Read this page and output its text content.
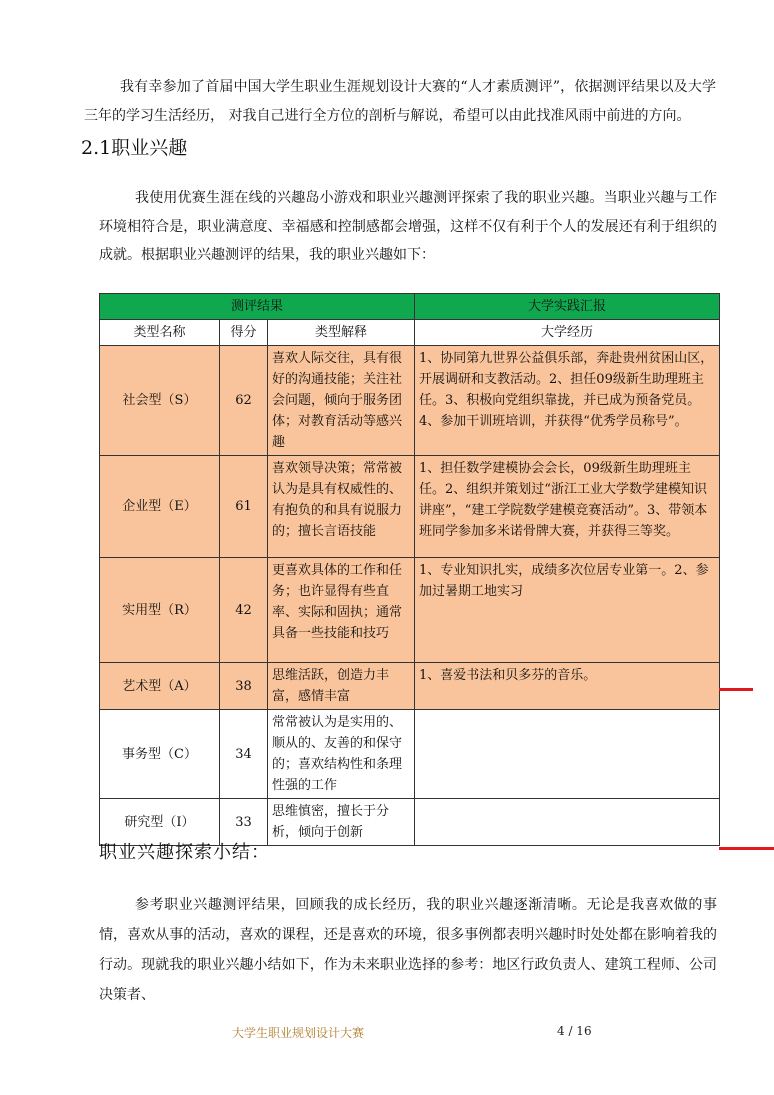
我有幸参加了首届中国大学生职业生涯规划设计大赛的“人才素质测评”，依据测评结果以及大学三年的学习生活经历， 对我自己进行全方位的剖析与解说，希望可以由此找准风雨中前进的方向。

2.1职业兴趣

我使用优赛生涯在线的兴趣岛小游戏和职业兴趣测评探索了我的职业兴趣。当职业兴趣与工作环境相符合是，职业满意度、幸福感和控制感都会增强，这样不仅有利于个人的发展还有利于组织的成就。根据职业兴趣测评的结果，我的职业兴趣如下：

测评结果			大学实践汇报
类型名称	得分	类型解释	大学经历
社会型（S）	62	喜欢人际交往，具有很好的沟通技能；关注社会问题，倾向于服务团体；对教育活动等感兴趣	1、协同第九世界公益俱乐部，奔赴贵州贫困山区，开展调研和支教活动。2、担任09级新生助理班主任。3、积极向党组织靠拢，并已成为预备党员。4、参加干训班培训，并获得“优秀学员称号”。
企业型（E）	61	喜欢领导决策；常常被认为是具有权威性的、有抱负的和具有说服力的；擅长言语技能	1、担任数学建模协会会长，09级新生助理班主任。2、组织并策划过“浙江工业大学数学建模知识讲座”，“建工学院数学建模竞赛活动”。3、带领本班同学参加多米诺骨牌大赛，并获得三等奖。
实用型（R）	42	更喜欢具体的工作和任务；也许显得有些直率、实际和固执；通常具备一些技能和技巧	1、专业知识扎实，成绩多次位居专业第一。2、参加过暑期工地实习
艺术型（A）	38	思维活跃，创造力丰富，感情丰富	1、喜爱书法和贝多芬的音乐。
事务型（C）	34	常常被认为是实用的、顺从的、友善的和保守的；喜欢结构性和条理性强的工作	
研究型（I）	33	思维慎密，擅长于分析，倾向于创新	
职业兴趣探索小结：

参考职业兴趣测评结果，回顾我的成长经历，我的职业兴趣逐渐清晰。无论是我喜欢做的事情，喜欢从事的活动，喜欢的课程，还是喜欢的环境，很多事例都表明兴趣时时处处都在影响着我的行动。现就我的职业兴趣小结如下，作为未来职业选择的参考：地区行政负责人、建筑工程师、公司决策者、

大学生职业规划设计大赛	4 / 16
